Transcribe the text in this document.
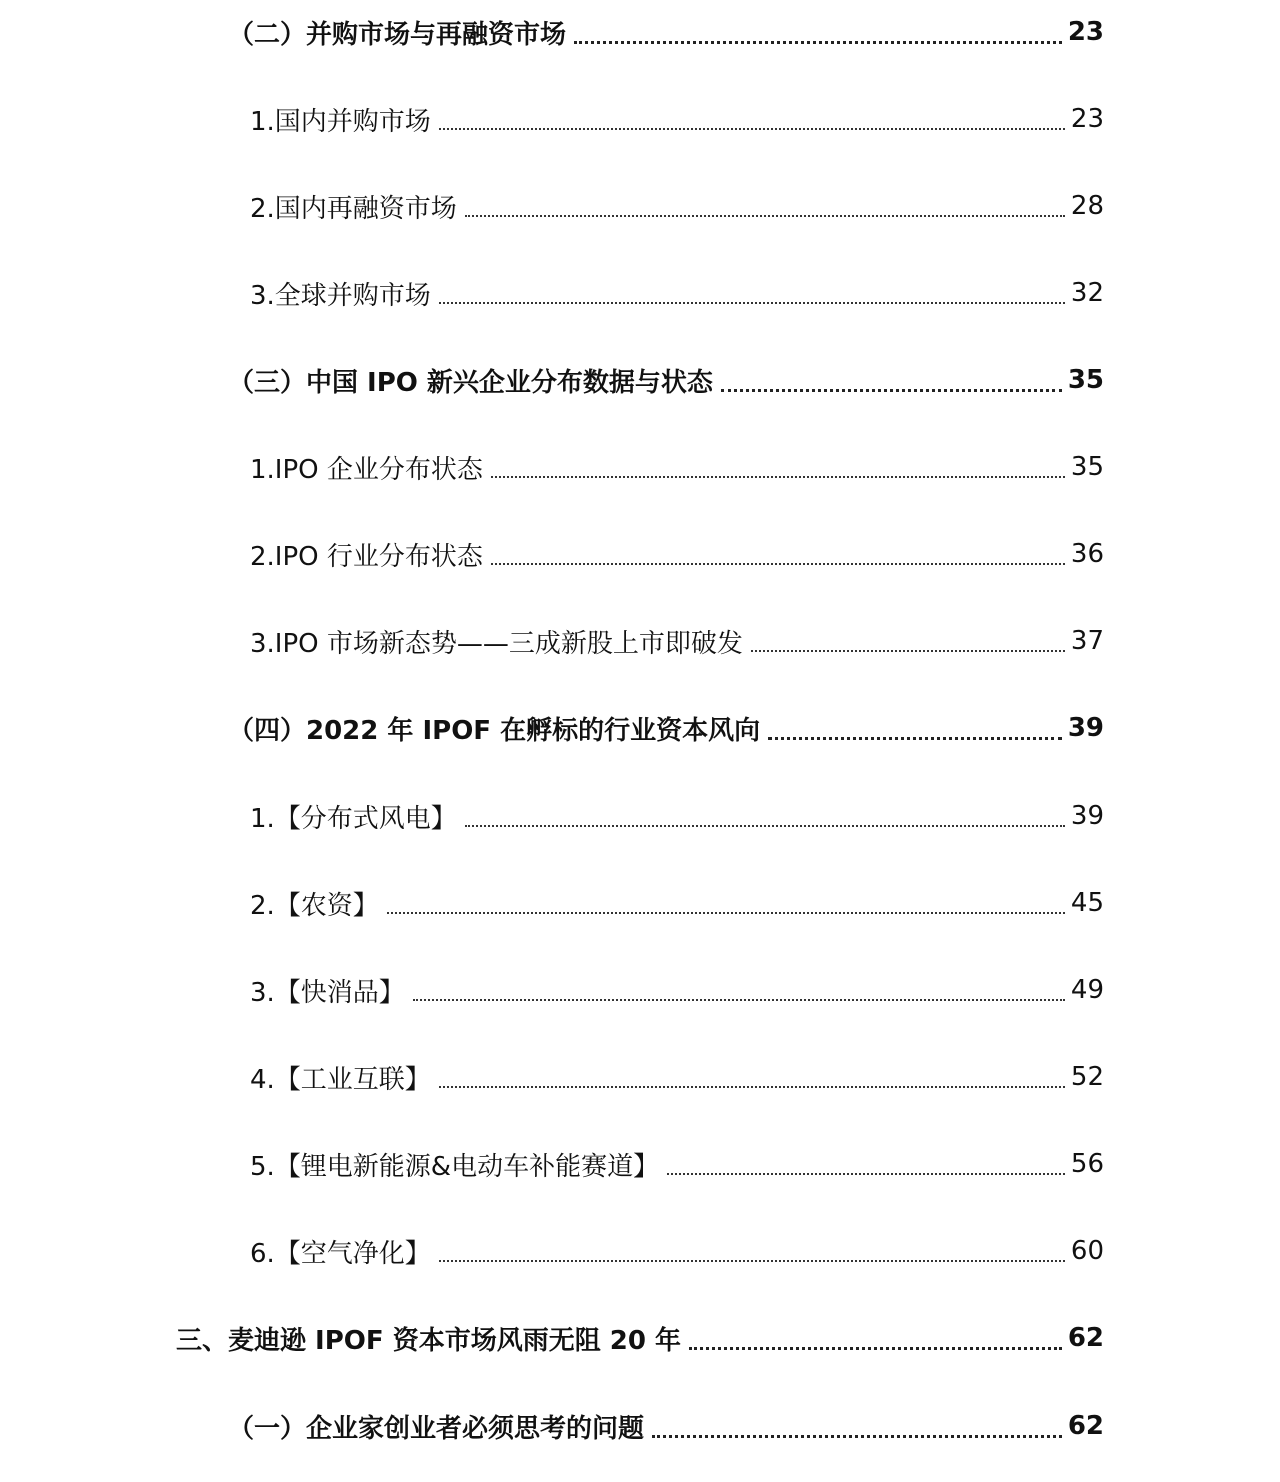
（二）并购市场与再融资市场	23
1.国内并购市场	23
2.国内再融资市场	28
3.全球并购市场	32
（三）中国 IPO 新兴企业分布数据与状态	35
1.IPO 企业分布状态	35
2.IPO 行业分布状态	36
3.IPO 市场新态势——三成新股上市即破发	37
（四）2022 年 IPOF 在孵标的行业资本风向	39
1.【分布式风电】	39
2.【农资】	45
3.【快消品】	49
4.【工业互联】	52
5.【锂电新能源&电动车补能赛道】	56
6.【空气净化】	60
三、麦迪逊 IPOF 资本市场风雨无阻 20 年	62
（一）企业家创业者必须思考的问题	62
